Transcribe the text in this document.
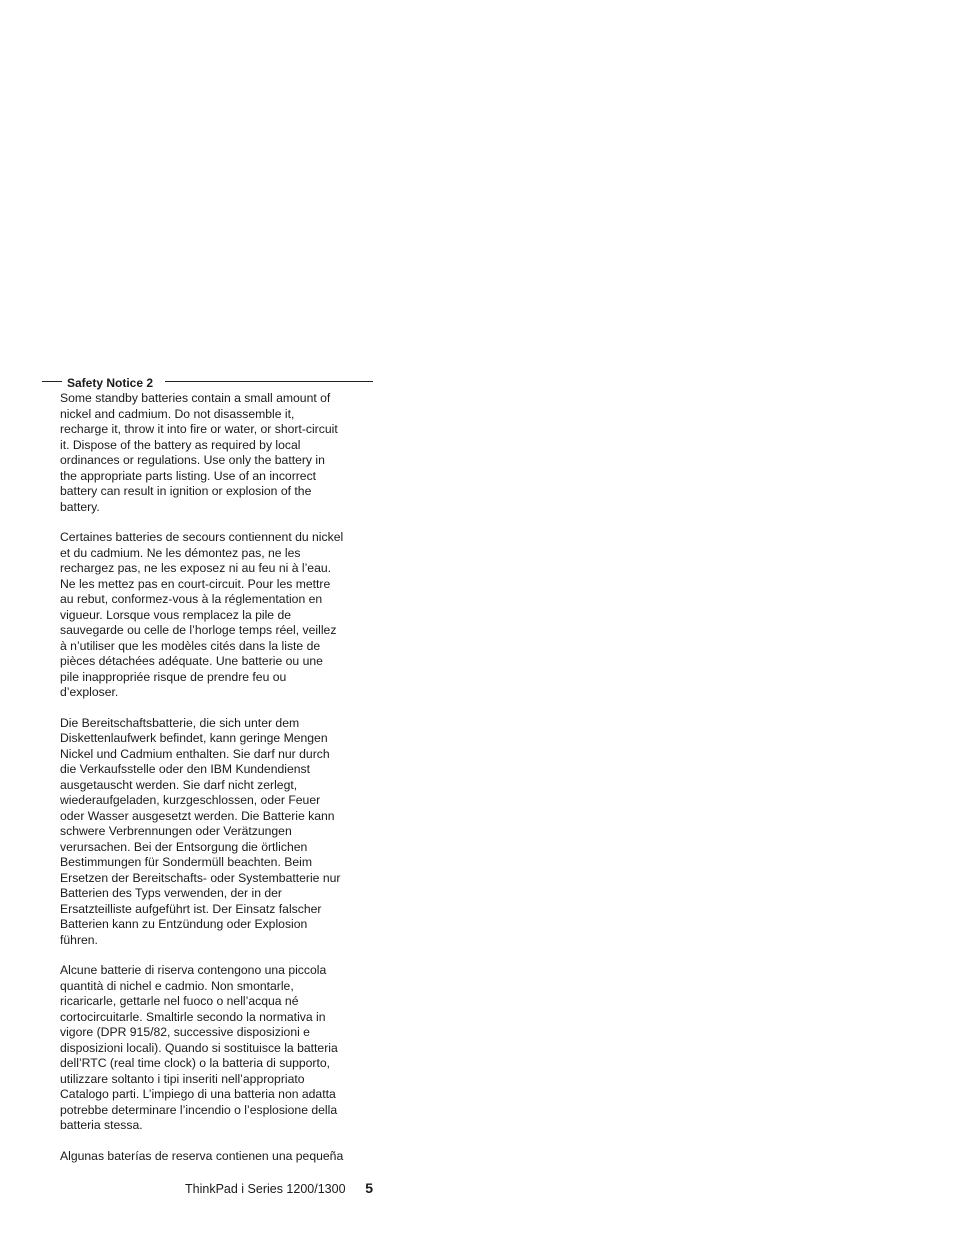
Safety Notice 2

Some standby batteries contain a small amount of
nickel and cadmium. Do not disassemble it,
recharge it, throw it into fire or water, or short-circuit
it. Dispose of the battery as required by local
ordinances or regulations. Use only the battery in
the appropriate parts listing. Use of an incorrect
battery can result in ignition or explosion of the
battery.

Certaines batteries de secours contiennent du nickel
et du cadmium. Ne les démontez pas, ne les
rechargez pas, ne les exposez ni au feu ni à l’eau.
Ne les mettez pas en court-circuit. Pour les mettre
au rebut, conformez-vous à la réglementation en
vigueur. Lorsque vous remplacez la pile de
sauvegarde ou celle de l’horloge temps réel, veillez
à n’utiliser que les modèles cités dans la liste de
pièces détachées adéquate. Une batterie ou une
pile inappropriée risque de prendre feu ou
d’exploser.

Die Bereitschaftsbatterie, die sich unter dem
Diskettenlaufwerk befindet, kann geringe Mengen
Nickel und Cadmium enthalten. Sie darf nur durch
die Verkaufsstelle oder den IBM Kundendienst
ausgetauscht werden. Sie darf nicht zerlegt,
wiederaufgeladen, kurzgeschlossen, oder Feuer
oder Wasser ausgesetzt werden. Die Batterie kann
schwere Verbrennungen oder Verätzungen
verursachen. Bei der Entsorgung die örtlichen
Bestimmungen für Sondermüll beachten. Beim
Ersetzen der Bereitschafts- oder Systembatterie nur
Batterien des Typs verwenden, der in der
Ersatzteilliste aufgeführt ist. Der Einsatz falscher
Batterien kann zu Entzündung oder Explosion
führen.

Alcune batterie di riserva contengono una piccola
quantità di nichel e cadmio. Non smontarle,
ricaricarle, gettarle nel fuoco o nell’acqua né
cortocircuitarle. Smaltirle secondo la normativa in
vigore (DPR 915/82, successive disposizioni e
disposizioni locali). Quando si sostituisce la batteria
dell’RTC (real time clock) o la batteria di supporto,
utilizzare soltanto i tipi inseriti nell’appropriato
Catalogo parti. L’impiego di una batteria non adatta
potrebbe determinare l’incendio o l’esplosione della
batteria stessa.

Algunas baterías de reserva contienen una pequeña

ThinkPad i Series 1200/1300 5
